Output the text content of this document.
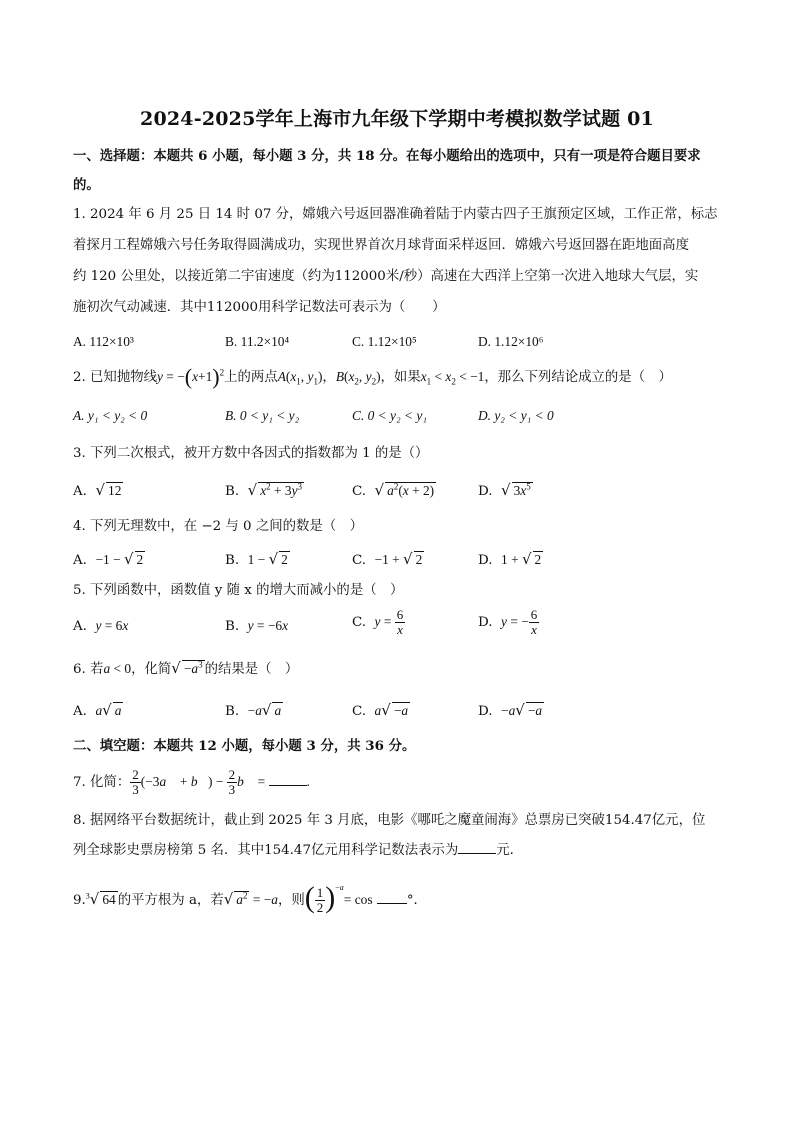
2024-2025学年上海市九年级下学期中考模拟数学试题 01
一、选择题：本题共 6 小题，每小题 3 分，共 18 分。在每小题给出的选项中，只有一项是符合题目要求
的。
1. 2024 年 6 月 25 日 14 时 07 分，嫦娥六号返回器准确着陆于内蒙古四子王旗预定区域，工作正常，标志
着探月工程嫦娥六号任务取得圆满成功，实现世界首次月球背面采样返回．嫦娥六号返回器在距地面高度
约 120 公里处，以接近第二宇宙速度（约为112000米/秒）高速在大西洋上空第一次进入地球大气层，实
施初次气动减速．其中112000用科学记数法可表示为（　　）
A. 112×10³	B. 11.2×10⁴	C. 1.12×10⁵	D. 1.12×10⁶
2. 已知抛物线$y = -(x+1)^2$上的两点$A(x_1$, $y_1$)，$B(x_2$, $y_2$)，如果$x_1 < x_2 < -1$，那么下列结论成立的是（　）
A. y₁ < y₂ < 0	B. 0 < y₁ < y₂	C. 0 < y₂ < y₁	D. y₂ < y₁ < 0
3. 下列二次根式，被开方数中各因式的指数都为 1 的是（）
A. √ 12	B. √ $x^2 + 3y^3$	C. √ $a^2(x + 2)$	D. √ $3x^5$
4. 下列无理数中，在 −2 与 0 之间的数是（　）
A. −1 − √ 2	B. 1 − √ 2	C. −1 + √ 2	D. 1 + √ 2
5. 下列函数中，函数值 y 随 x 的增大而减小的是（　）
A. y = 6x	B. y = −6x	C. $y = \frac{6}{x}$	D. y = − $\frac{6}{x}$
6. 若a < 0，化简√ $-a^3$ 的结果是（　）
A. a√ a	B. −a√ a	C. a√ −a	D. −a√ −a
二、填空题：本题共 12 小题，每小题 3 分，共 36 分。
7. 化简： $\frac{2}{3}$ (−3a⃗ + b⃗) − $\frac{2}{3}$ b⃗ =	.
8. 据网络平台数据统计，截止到 2025 年 3 月底，电影《哪吒之魔童闹海》总票房已突破154.47亿元，位
列全球影史票房榜第 5 名．其中154.47亿元用科学记数法表示为	元．
9.$^3$√ 64 的平方根为 a，若√ $a^2 = -a$，则( $\frac{1}{2} )^{-a}= \cos$	°．
